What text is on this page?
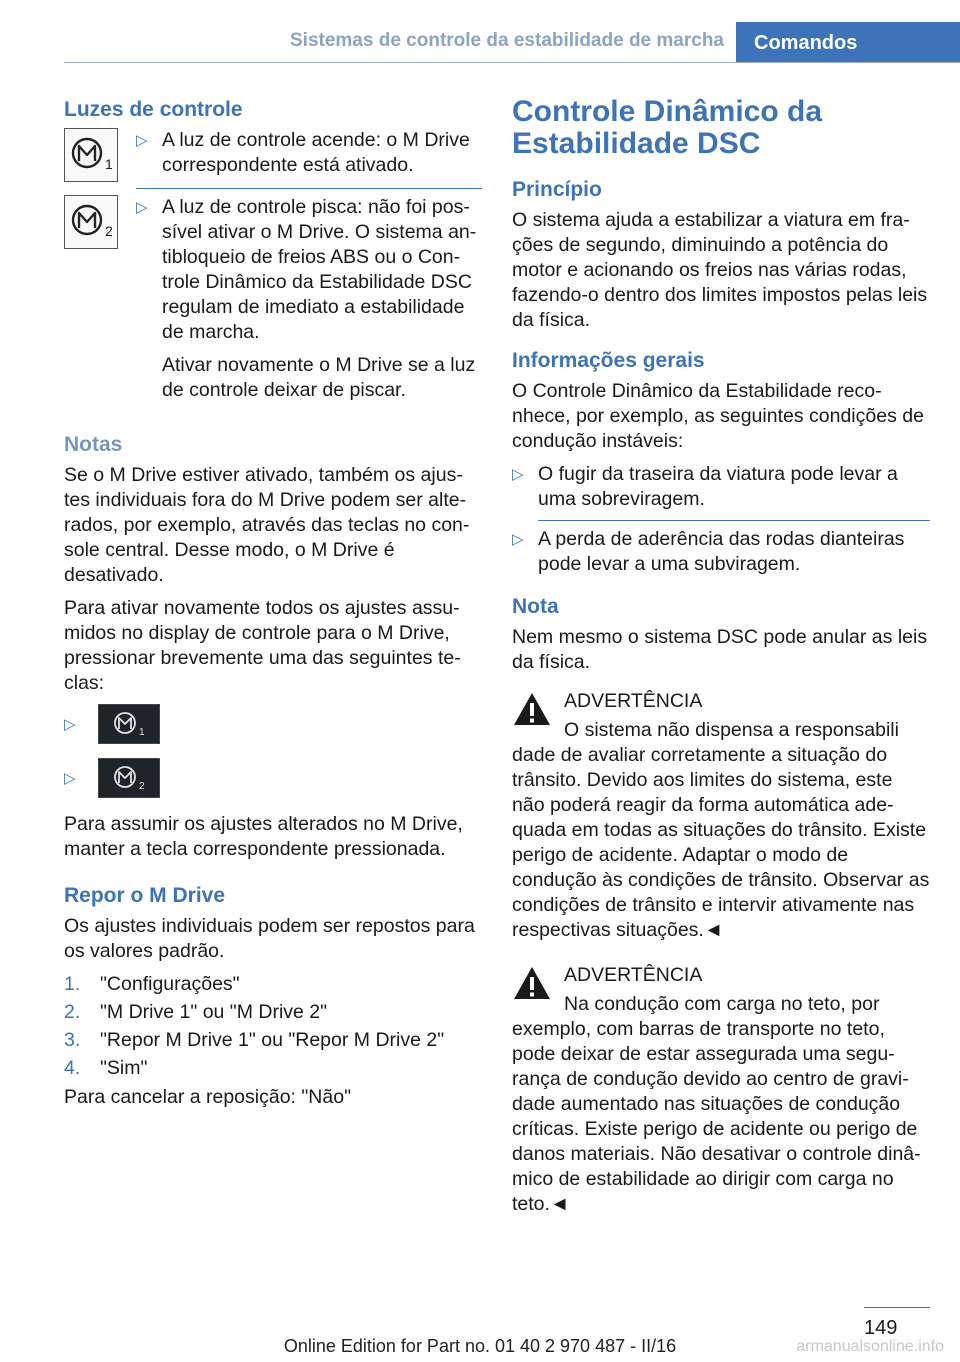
Sistemas de controle da estabilidade de marcha	Comandos
Luzes de controle
1
▷ A luz de controle acende: o M Drive correspondente está ativado.
2
▷ A luz de controle pisca: não foi possível ativar o M Drive. O sistema antibloqueio de freios ABS ou o Controle Dinâmico da Estabilidade DSC regulam de imediato a estabilidade de marcha.

Ativar novamente o M Drive se a luz de controle deixar de piscar.

Notas

Se o M Drive estiver ativado, também os ajustes individuais fora do M Drive podem ser alterados, por exemplo, através das teclas no console central. Desse modo, o M Drive é desativado.

Para ativar novamente todos os ajustes assumidos no display de controle para o M Drive, pressionar brevemente uma das seguintes teclas:

▷	1
▷	2

Para assumir os ajustes alterados no M Drive, manter a tecla correspondente pressionada.

Repor o M Drive

Os ajustes individuais podem ser repostos para os valores padrão.

1.	"Configurações"
2.	"M Drive 1" ou "M Drive 2"
3.	"Repor M Drive 1" ou "Repor M Drive 2"
4.	"Sim"

Para cancelar a reposição: "Não"

Controle Dinâmico da Estabilidade DSC
Princípio

O sistema ajuda a estabilizar a viatura em frações de segundo, diminuindo a potência do motor e acionando os freios nas várias rodas, fazendo-o dentro dos limites impostos pelas leis da física.

Informações gerais

O Controle Dinâmico da Estabilidade reconhece, por exemplo, as seguintes condições de condução instáveis:

▷ O fugir da traseira da viatura pode levar a uma sobreviragem.
▷ A perda de aderência das rodas dianteiras pode levar a uma subviragem.
Nota

Nem mesmo o sistema DSC pode anular as leis da física.

ADVERTÊNCIA
O sistema não dispensa a responsabili
dade de avaliar corretamente a situação do trânsito. Devido aos limites do sistema, este não poderá reagir da forma automática adequada em todas as situações do trânsito. Existe perigo de acidente. Adaptar o modo de condução às condições de trânsito. Observar as condições de trânsito e intervir ativamente nas respectivas situações.◄
ADVERTÊNCIA
Na condução com carga no teto, por
exemplo, com barras de transporte no teto, pode deixar de estar assegurada uma segurança de condução devido ao centro de gravidade aumentado nas situações de condução críticas. Existe perigo de acidente ou perigo de danos materiais. Não desativar o controle dinâmico de estabilidade ao dirigir com carga no teto.◄
149
Online Edition for Part no. 01 40 2 970 487 - II/16	armanualsonline.info
